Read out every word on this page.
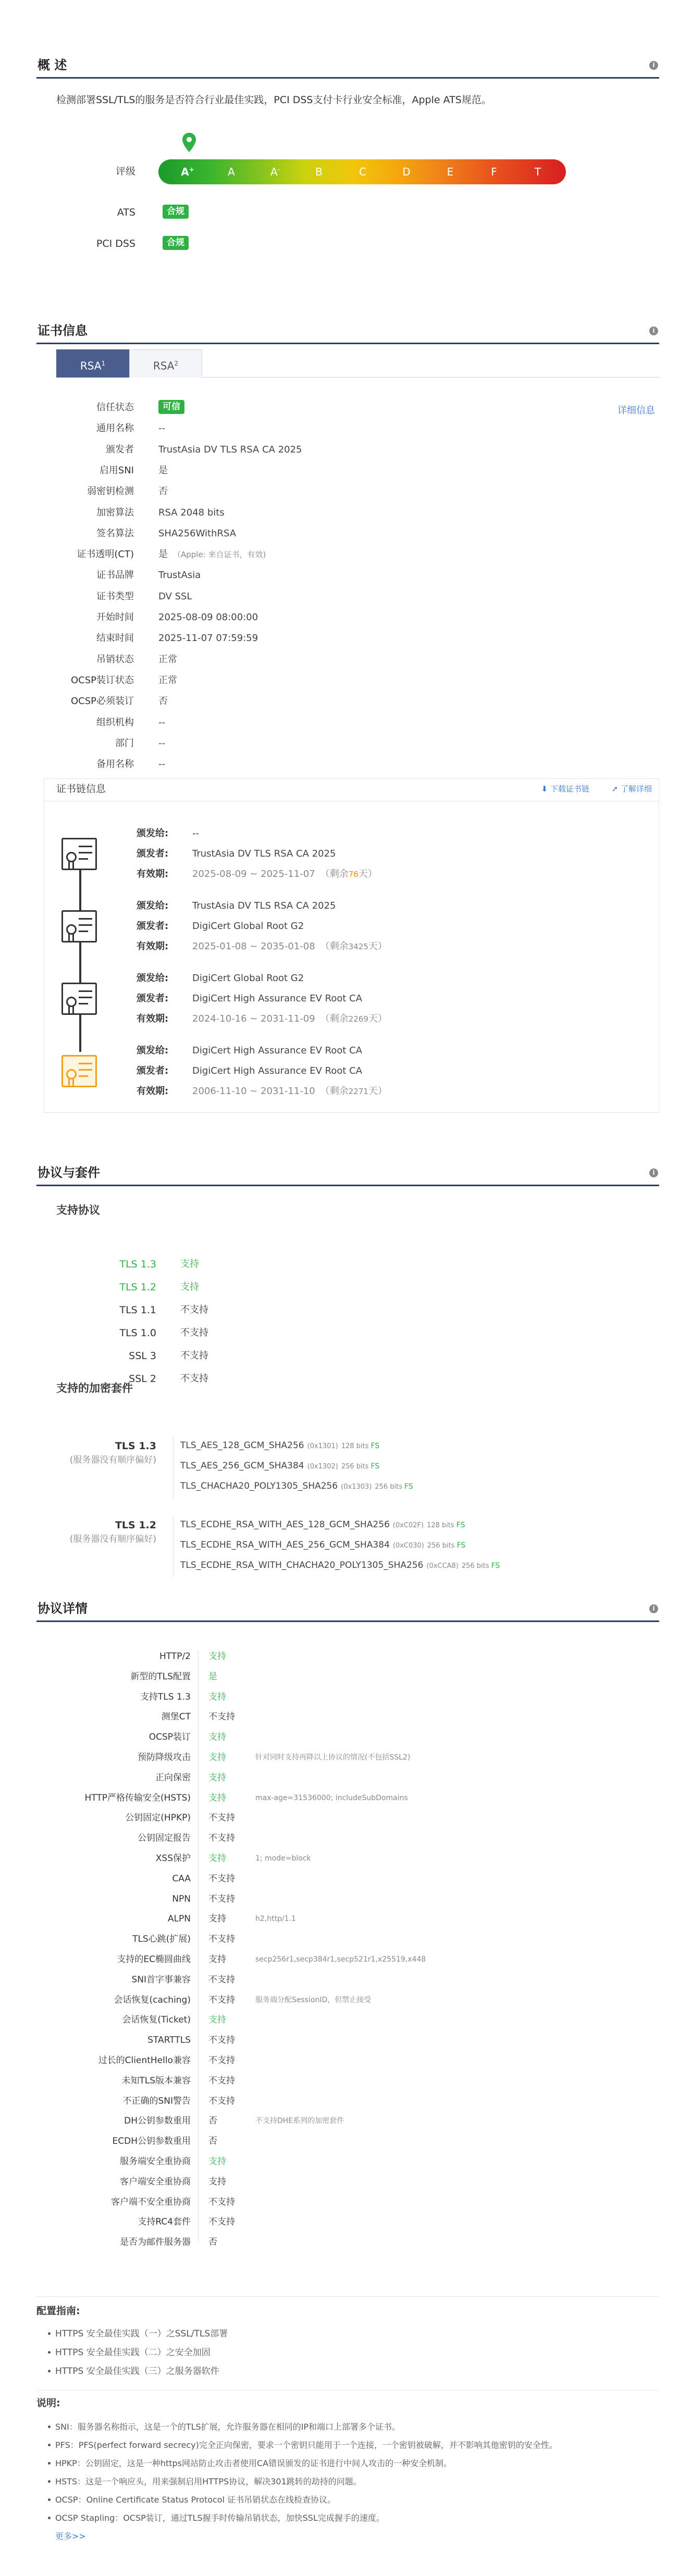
概 述	i
检测部署SSL/TLS的服务是否符合行业最佳实践，PCI DSS支付卡行业安全标准，Apple ATS规范。
评级	A+	A	A-	B	C	D	E	F	T
ATS	合规
PCI DSS	合规
证书信息	i
RSA$^1$	RSA$^2$
详细信息
信任状态	可信
通用名称	--
颁发者	TrustAsia DV TLS RSA CA 2025
启用SNI	是
弱密钥检测	否
加密算法	RSA 2048 bits
签名算法	SHA256WithRSA
证书透明(CT)	是 （Apple: 来自证书，有效)
证书品牌	TrustAsia
证书类型	DV SSL
开始时间	2025-08-09 08:00:00
结束时间	2025-11-07 07:59:59
吊销状态	正常
OCSP装订状态	正常
OCSP必须装订	否
组织机构	--
部门	--
备用名称	--
证书链信息	⬇ 下载证书链	➚ 了解详细
颁发给:	--
颁发者:	TrustAsia DV TLS RSA CA 2025
有效期:	2025-08-09 ~ 2025-11-07 （剩余76天）
颁发给:	TrustAsia DV TLS RSA CA 2025
颁发者:	DigiCert Global Root G2
有效期:	2025-01-08 ~ 2035-01-08 （剩余3425天）
颁发给:	DigiCert Global Root G2
颁发者:	DigiCert High Assurance EV Root CA
有效期:	2024-10-16 ~ 2031-11-09 （剩余2269天）
颁发给:	DigiCert High Assurance EV Root CA
颁发者:	DigiCert High Assurance EV Root CA
有效期:	2006-11-10 ~ 2031-11-10 （剩余2271天）
协议与套件	i
支持协议
TLS 1.3	支持
TLS 1.2	支持
TLS 1.1	不支持
TLS 1.0	不支持
SSL 3	不支持
SSL 2	不支持
支持的加密套件
TLS 1.3
(服务器没有顺序偏好)
TLS_AES_128_GCM_SHA256 (0x1301) 128 bits FS
TLS_AES_256_GCM_SHA384 (0x1302) 256 bits FS
TLS_CHACHA20_POLY1305_SHA256 (0x1303) 256 bits FS
TLS 1.2
(服务器没有顺序偏好)
TLS_ECDHE_RSA_WITH_AES_128_GCM_SHA256 (0xC02F) 128 bits FS
TLS_ECDHE_RSA_WITH_AES_256_GCM_SHA384 (0xC030) 256 bits FS
TLS_ECDHE_RSA_WITH_CHACHA20_POLY1305_SHA256 (0xCCA8) 256 bits FS
协议详情	i
HTTP/2 支持
新型的TLS配置 是
支持TLS 1.3 支持
测堡CT 不支持
OCSP装订 支持
预防降级攻击 支持	针对同时支持再降以上协议的情况(不包括SSL2)
正向保密 支持
HTTP严格传输安全(HSTS) 支持	max-age=31536000; includeSubDomains
公钥固定(HPKP) 不支持
公钥固定报告 不支持
XSS保护 支持	1; mode=block
CAA 不支持
NPN 不支持
ALPN 支持	h2,http/1.1
TLS心跳(扩展) 不支持
支持的EC椭圆曲线 支持	secp256r1,secp384r1,secp521r1,x25519,x448
SNI首字事兼容 不支持
会话恢复(caching) 不支持	服务端分配SessionID，但禁止接受
会话恢复(Ticket) 支持
STARTTLS 不支持
过长的ClientHello兼容 不支持
未知TLS版本兼容 不支持
不正确的SNI警告 不支持
DH公钥参数重用 否	不支持DHE系列的加密套件
ECDH公钥参数重用 否
服务端安全重协商 支持
客户端安全重协商 支持
客户端不安全重协商 不支持
支持RC4套件 不支持
是否为邮件服务器 否
配置指南:
HTTPS 安全最佳实践（一）之SSL/TLS部署
HTTPS 安全最佳实践（二）之安全加固
HTTPS 安全最佳实践（三）之服务器软件
说明:
SNI：服务器名称指示，这是一个的TLS扩展，允许服务器在相同的IP和端口上部署多个证书。
PFS：PFS(perfect forward secrecy)完全正向保密，要求一个密钥只能用于一个连接，一个密钥被破解，并不影响其他密钥的安全性。
HPKP：公钥固定，这是一种https网站防止攻击者使用CA错误颁发的证书进行中间人攻击的一种安全机制。
HSTS：这是一个响应头，用来强制启用HTTPS协议，解决301跳转的劫持的问题。
OCSP：Online Certificate Status Protocol 证书吊销状态在线检查协议。
OCSP Stapling：OCSP装订，通过TLS握手时传输吊销状态，加快SSL完成握手的速度。
更多>>
